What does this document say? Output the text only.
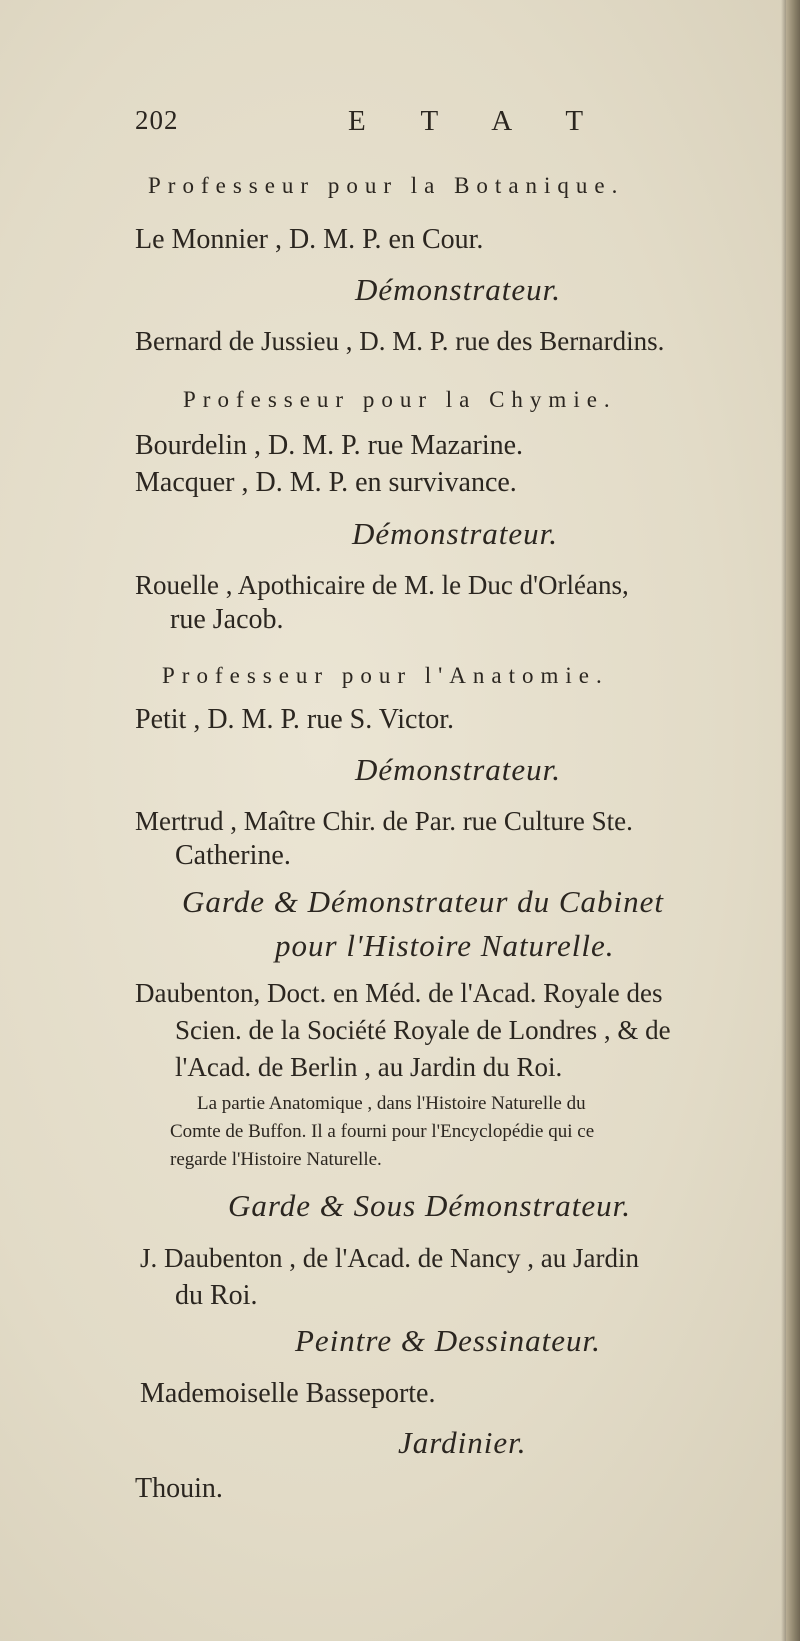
202	E T A T
Professeur pour la Botanique.
Le Monnier , D. M. P. en Cour.
Démonstrateur.
Bernard de Jussieu , D. M. P. rue des Bernardins.
Professeur pour la Chymie.
Bourdelin , D. M. P. rue Mazarine.
Macquer , D. M. P. en survivance.
Démonstrateur.
Rouelle , Apothicaire de M. le Duc d'Orléans,
rue Jacob.
Professeur pour l'Anatomie.
Petit , D. M. P. rue S. Victor.
Démonstrateur.
Mertrud , Maître Chir. de Par. rue Culture Ste.
Catherine.
Garde & Démonstrateur du Cabinet
pour l'Histoire Naturelle.
Daubenton, Doct. en Méd. de l'Acad. Royale des
Scien. de la Société Royale de Londres , & de
l'Acad. de Berlin , au Jardin du Roi.
La partie Anatomique , dans l'Histoire Naturelle du
Comte de Buffon. Il a fourni pour l'Encyclopédie qui ce
regarde l'Histoire Naturelle.
Garde & Sous Démonstrateur.
J. Daubenton , de l'Acad. de Nancy , au Jardin
du Roi.
Peintre & Dessinateur.
Mademoiselle Basseporte.
Jardinier.
Thouin.
